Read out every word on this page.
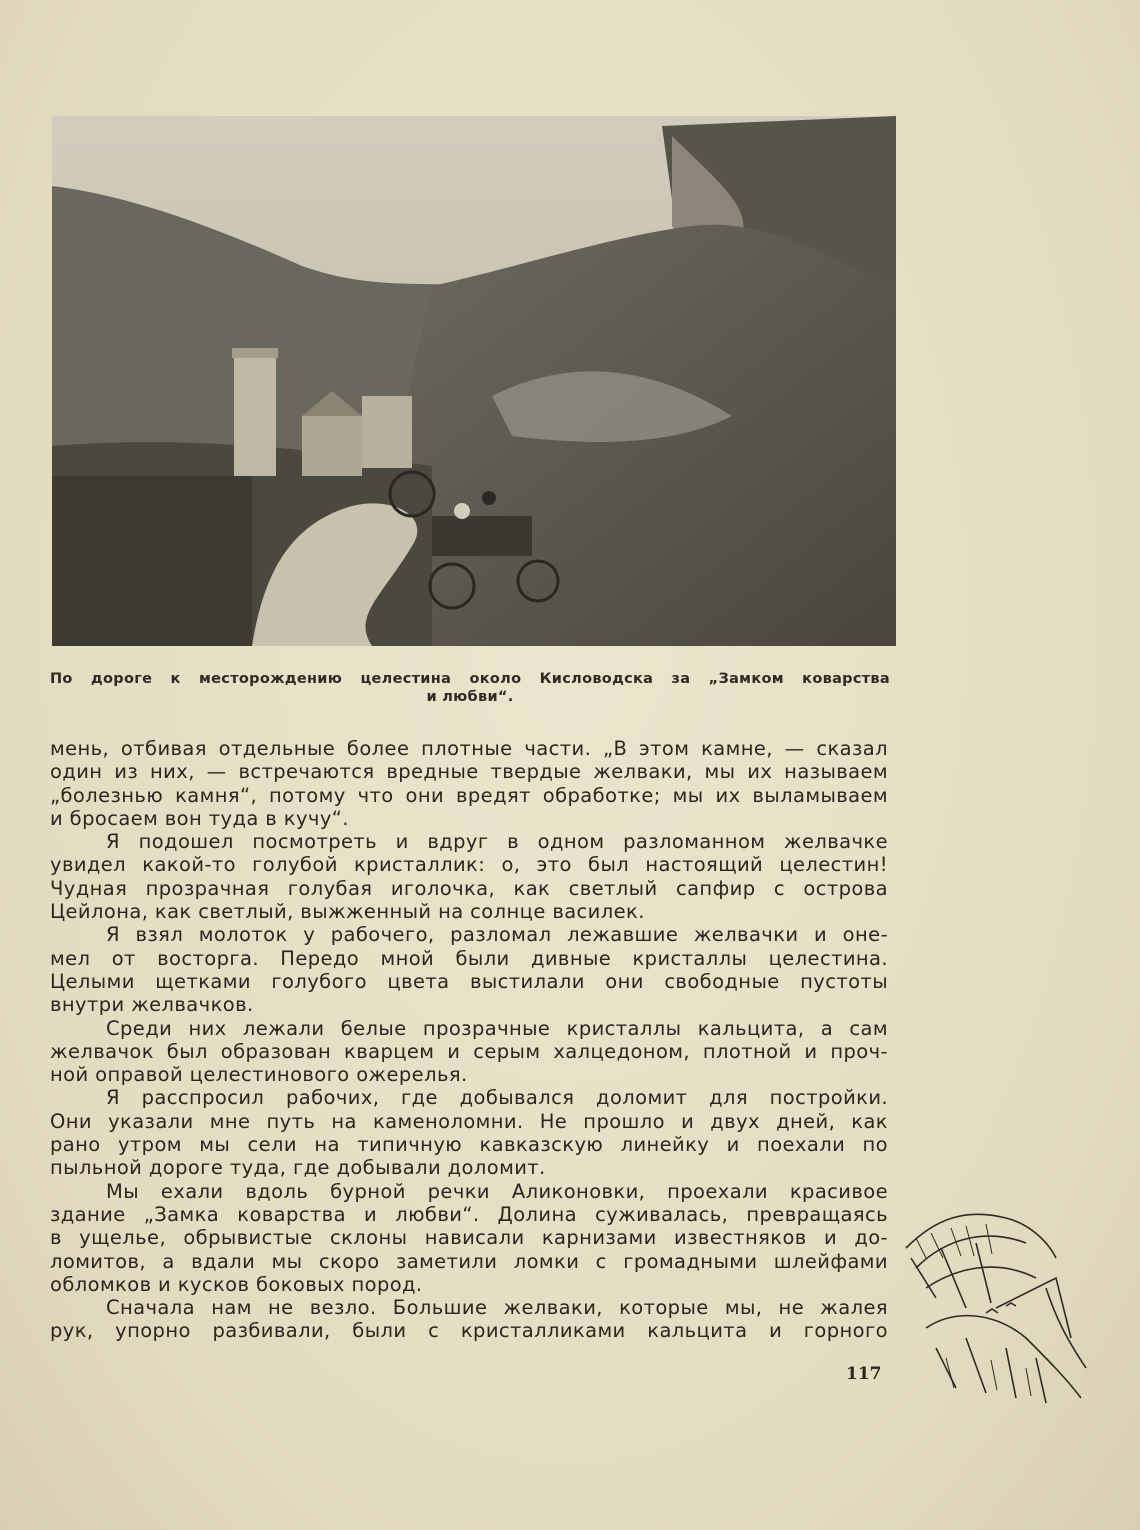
По дороге к месторождению целестина около Кисловодска за „Замком коварства
и любви“.
мень, отбивая отдельные более плотные части. „В этом камне, — сказал
один из них, — встречаются вредные твердые желваки, мы их называем
„болезнью камня“, потому что они вредят обработке; мы их выламываем
и бросаем вон туда в кучу“.
Я подошел посмотреть и вдруг в одном разломанном желвачке
увидел какой-то голубой кристаллик: о, это был настоящий целестин!
Чудная прозрачная голубая иголочка, как светлый сапфир с острова
Цейлона, как светлый, выжженный на солнце василек.
Я взял молоток у рабочего, разломал лежавшие желвачки и оне-
мел от восторга. Передо мной были дивные кристаллы целестина.
Целыми щетками голубого цвета выстилали они свободные пустоты
внутри желвачков.
Среди них лежали белые прозрачные кристаллы кальцита, а сам
желвачок был образован кварцем и серым халцедоном, плотной и проч-
ной оправой целестинового ожерелья.
Я расспросил рабочих, где добывался доломит для постройки.
Они указали мне путь на каменоломни. Не прошло и двух дней, как
рано утром мы сели на типичную кавказскую линейку и поехали по
пыльной дороге туда, где добывали доломит.
Мы ехали вдоль бурной речки Аликоновки, проехали красивое
здание „Замка коварства и любви“. Долина суживалась, превращаясь
в ущелье, обрывистые склоны нависали карнизами известняков и до-
ломитов, а вдали мы скоро заметили ломки с громадными шлейфами
обломков и кусков боковых пород.
Сначала нам не везло. Большие желваки, которые мы, не жалея
рук, упорно разбивали, были с кристалликами кальцита и горного
117
